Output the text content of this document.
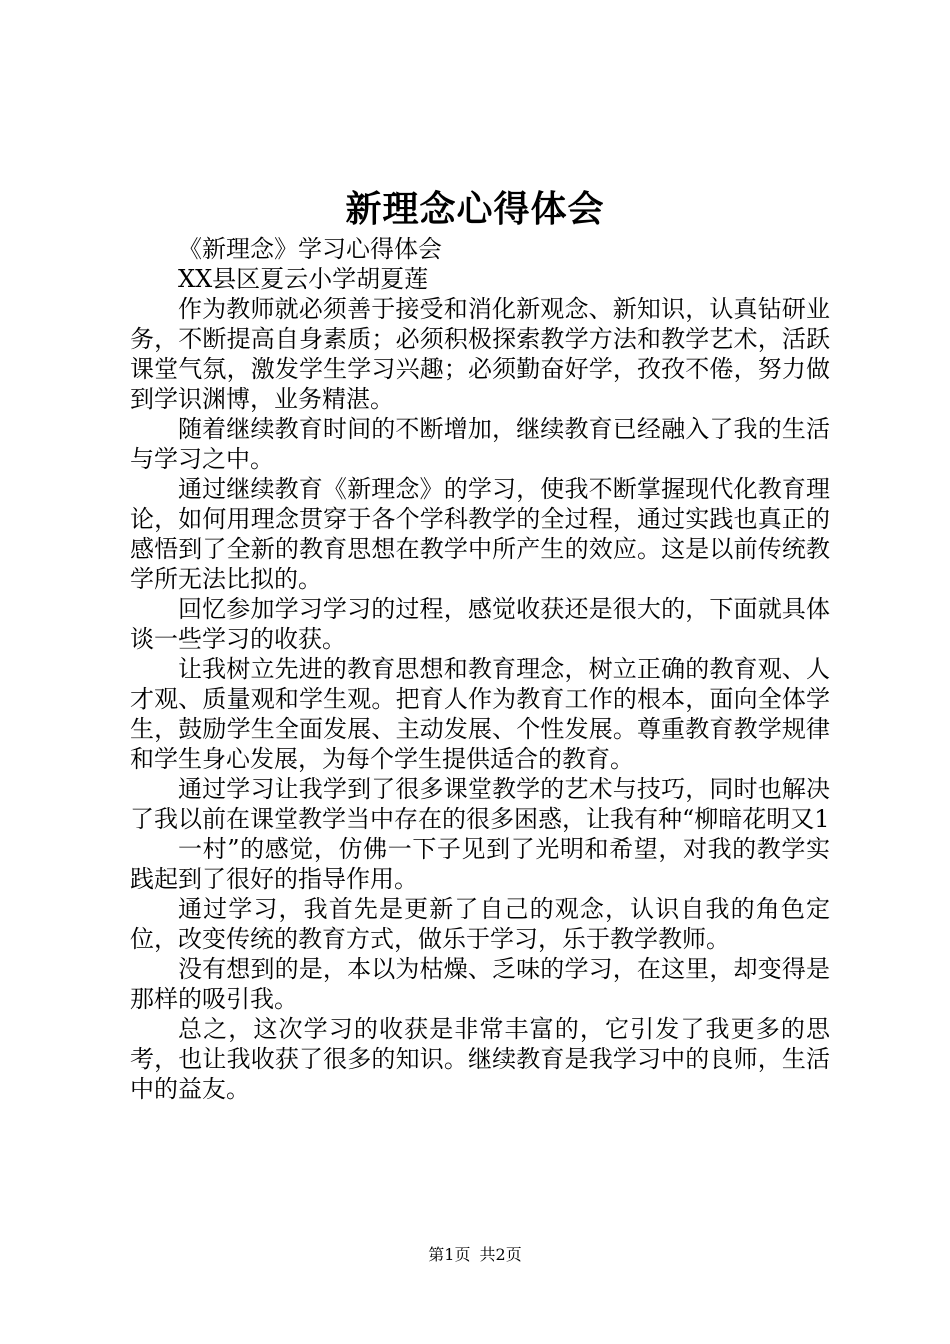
新理念心得体会

《新理念》学习心得体会

XX县区夏云小学胡夏莲

作为教师就必须善于接受和消化新观念、新知识，认真钻研业务，不断提高自身素质；必须积极探索教学方法和教学艺术，活跃课堂气氛，激发学生学习兴趣；必须勤奋好学，孜孜不倦，努力做到学识渊博，业务精湛。

随着继续教育时间的不断增加，继续教育已经融入了我的生活与学习之中。

通过继续教育《新理念》的学习，使我不断掌握现代化教育理论，如何用理念贯穿于各个学科教学的全过程，通过实践也真正的感悟到了全新的教育思想在教学中所产生的效应。这是以前传统教学所无法比拟的。

回忆参加学习学习的过程，感觉收获还是很大的，下面就具体谈一些学习的收获。

让我树立先进的教育思想和教育理念，树立正确的教育观、人才观、质量观和学生观。把育人作为教育工作的根本，面向全体学生，鼓励学生全面发展、主动发展、个性发展。尊重教育教学规律和学生身心发展，为每个学生提供适合的教育。

通过学习让我学到了很多课堂教学的艺术与技巧，同时也解决了我以前在课堂教学当中存在的很多困惑，让我有种“柳暗花明又1

一村”的感觉，仿佛一下子见到了光明和希望，对我的教学实践起到了很好的指导作用。

通过学习，我首先是更新了自己的观念，认识自我的角色定位，改变传统的教育方式，做乐于学习，乐于教学教师。

没有想到的是，本以为枯燥、乏味的学习，在这里，却变得是那样的吸引我。

总之，这次学习的收获是非常丰富的，它引发了我更多的思考，也让我收获了很多的知识。继续教育是我学习中的良师，生活中的益友。

第1页 共2页
